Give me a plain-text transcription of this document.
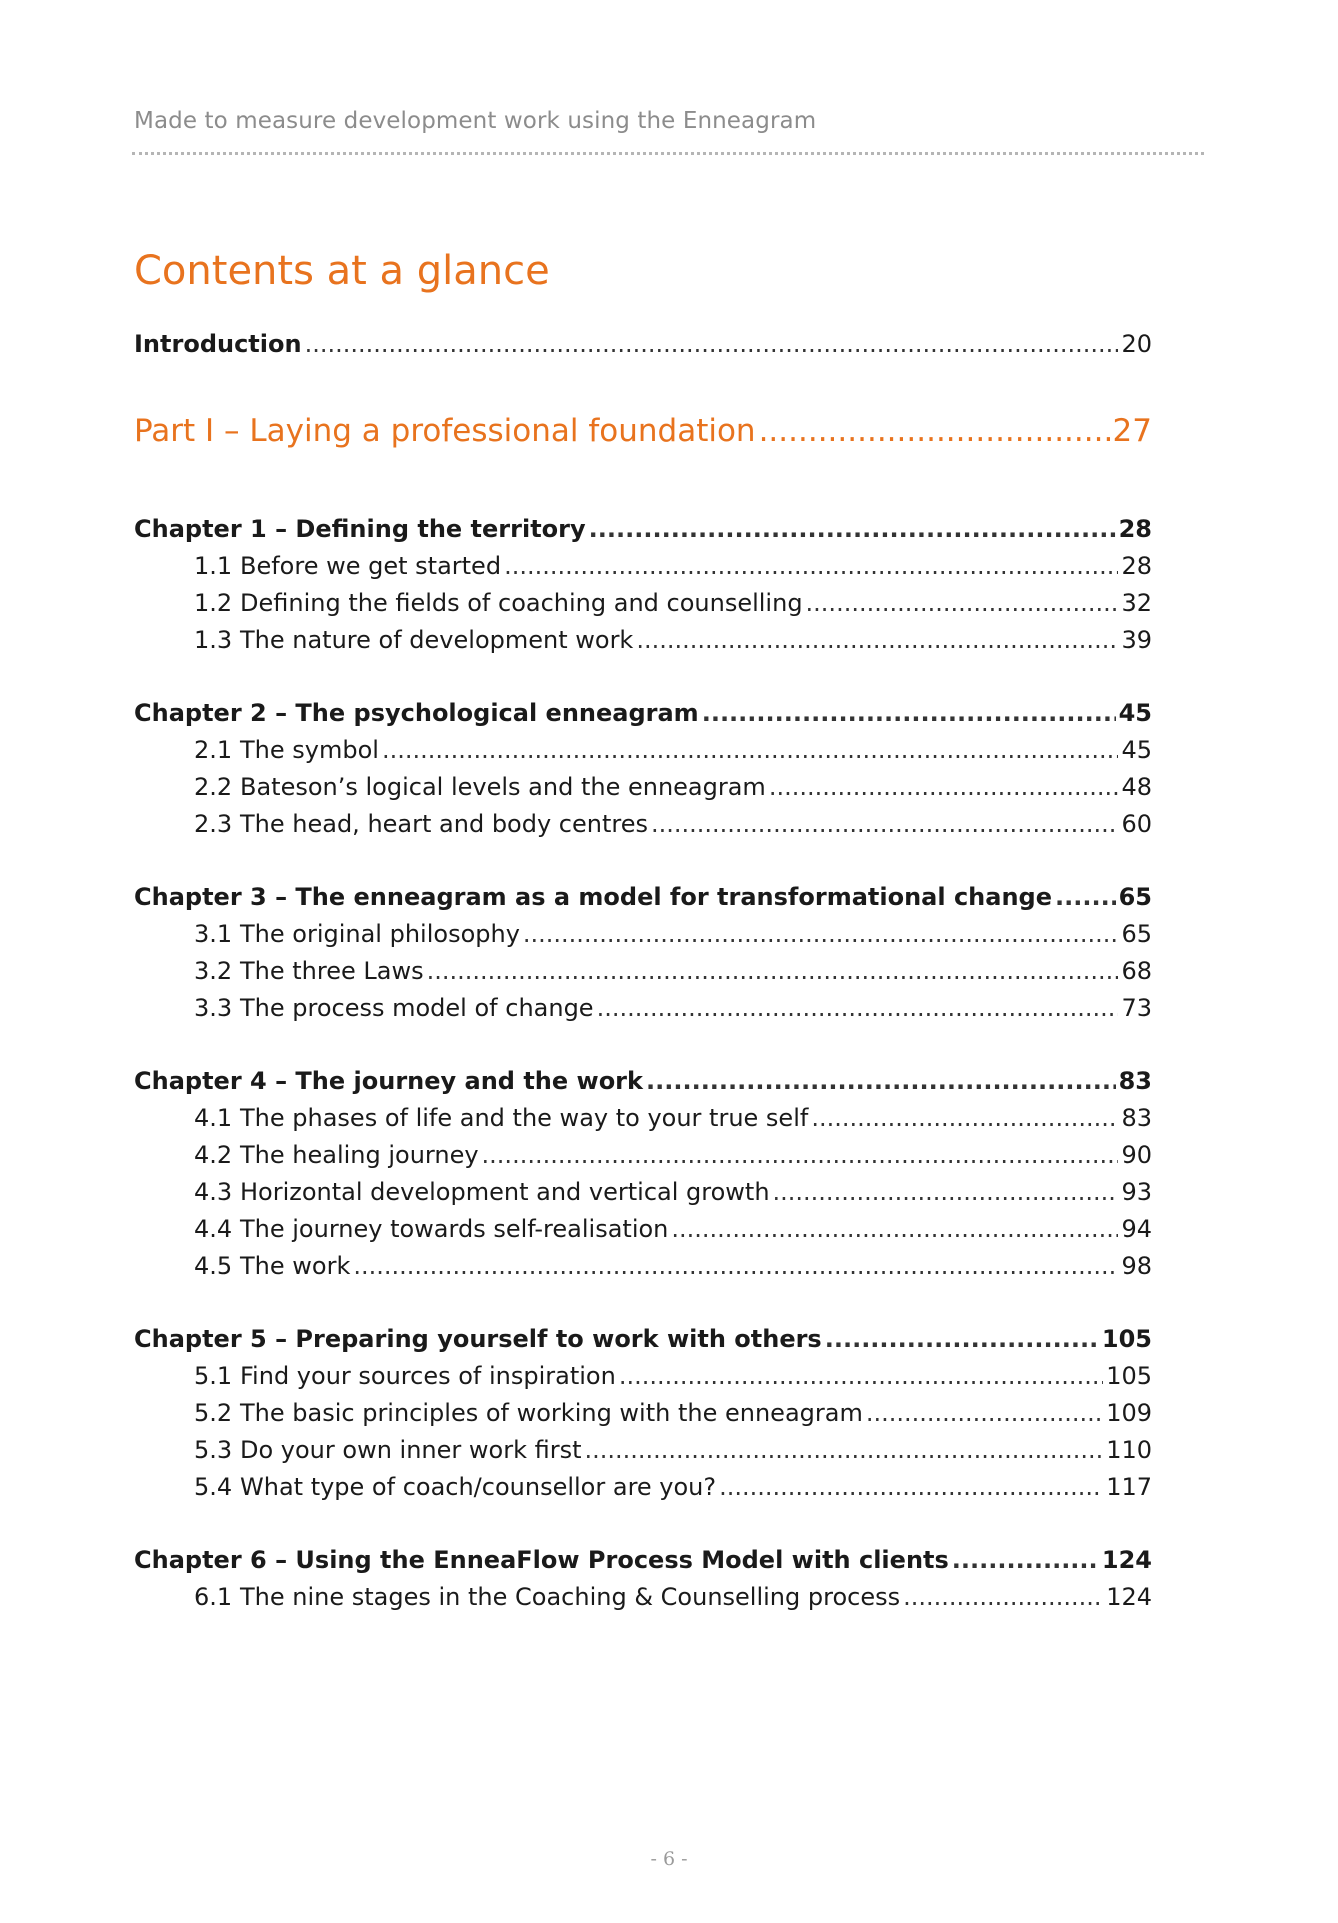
Made to measure development work using the Enneagram
Contents at a glance
Introduction .....	20
Part I – Laying a professional foundation .....	27
Chapter 1 – Defining the territory .....	28
1.1 Before we get started .....	28
1.2 Defining the fields of coaching and counselling .....	32
1.3 The nature of development work .....	39
Chapter 2 – The psychological enneagram .....	45
2.1 The symbol .....	45
2.2 Bateson’s logical levels and the enneagram .....	48
2.3 The head, heart and body centres .....	60
Chapter 3 – The enneagram as a model for transformational change .....	65
3.1 The original philosophy .....	65
3.2 The three Laws .....	68
3.3 The process model of change .....	73
Chapter 4 – The journey and the work .....	83
4.1 The phases of life and the way to your true self .....	83
4.2 The healing journey .....	90
4.3 Horizontal development and vertical growth .....	93
4.4 The journey towards self-realisation .....	94
4.5 The work .....	98
Chapter 5 – Preparing yourself to work with others .....	105
5.1 Find your sources of inspiration .....	105
5.2 The basic principles of working with the enneagram .....	109
5.3 Do your own inner work first .....	110
5.4 What type of coach/counsellor are you? .....	117
Chapter 6 – Using the EnneaFlow Process Model with clients .....	124
6.1 The nine stages in the Coaching & Counselling process .....	124
- 6 -
